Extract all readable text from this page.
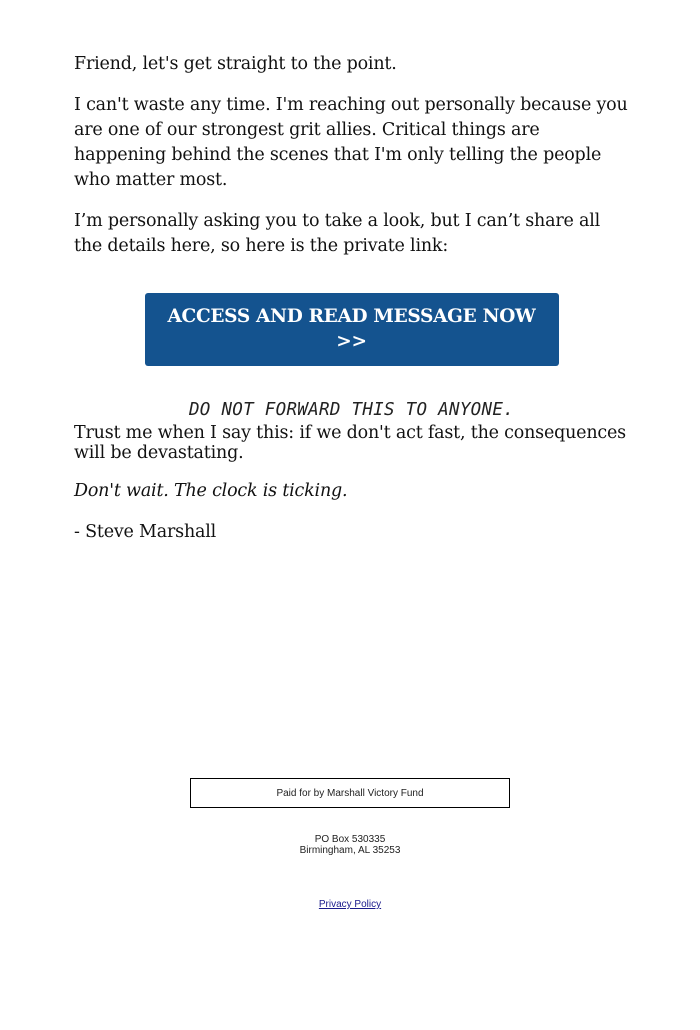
Friend, let's get straight to the point.

I can't waste any time. I'm reaching out personally because you are one of our strongest grit allies. Critical things are happening behind the scenes that I'm only telling the people who matter most.

I’m personally asking you to take a look, but I can’t share all the details here, so here is the private link:

ACCESS AND READ MESSAGE NOW >>
DO NOT FORWARD THIS TO ANYONE.

Trust me when I say this: if we don't act fast, the consequences will be devastating.

Don't wait. The clock is ticking.

- Steve Marshall

Paid for by Marshall Victory Fund
PO Box 530335
Birmingham, AL 35253
Privacy Policy
